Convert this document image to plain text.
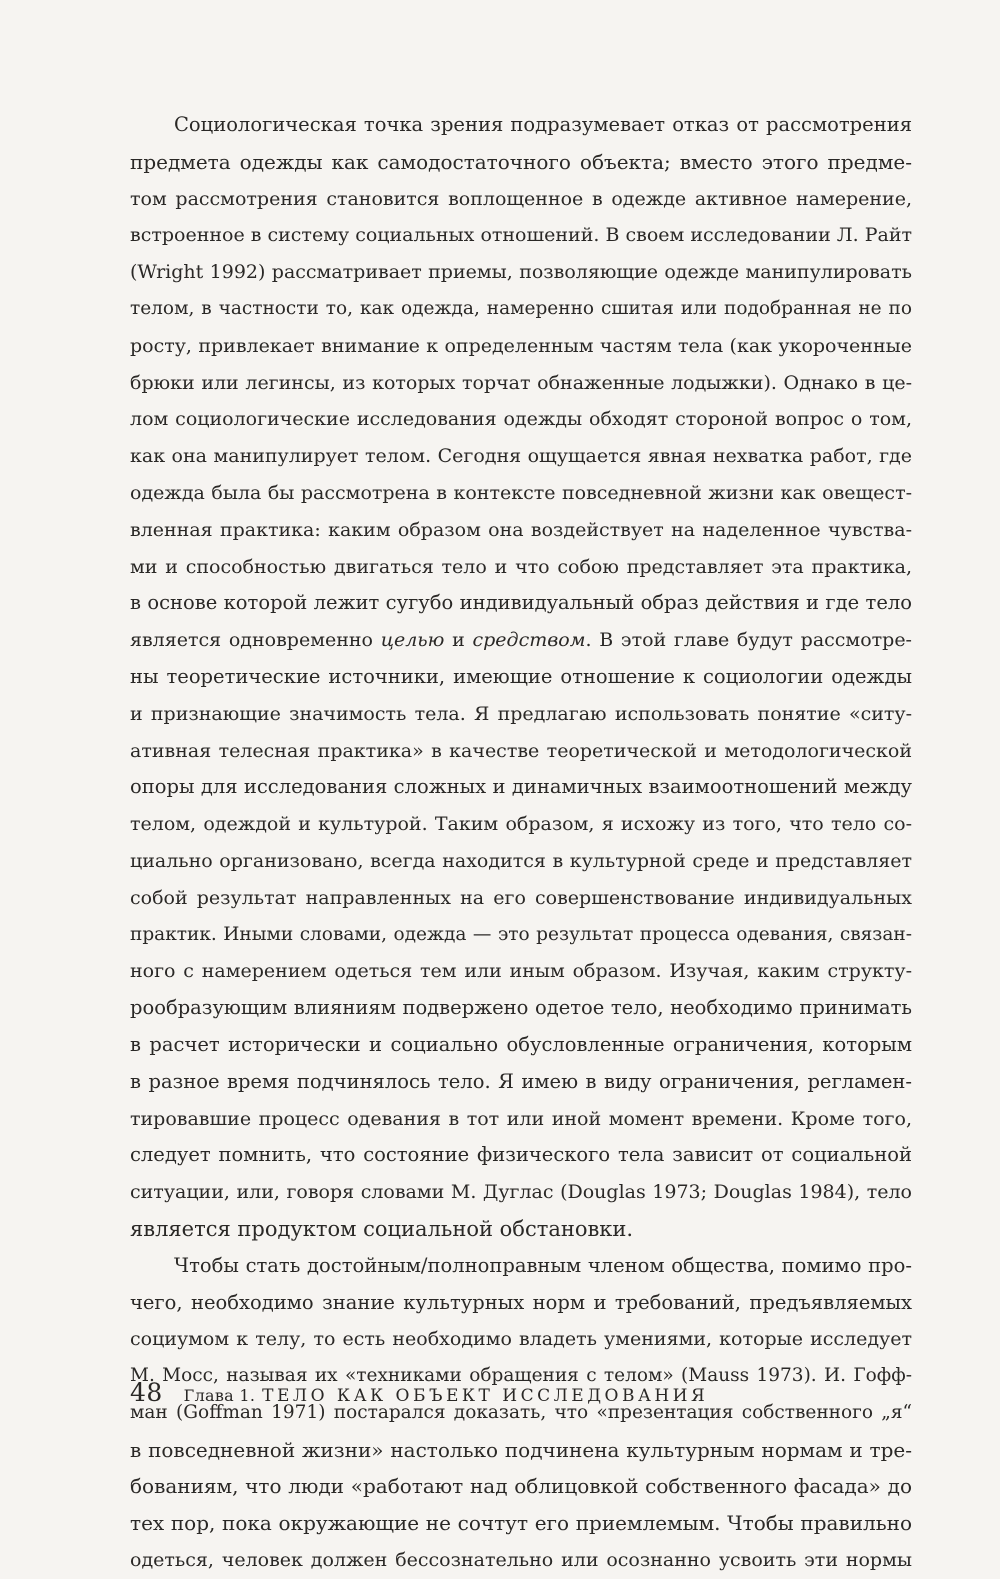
Социологическая точка зрения подразумевает отказ от рассмотрения
предмета одежды как самодостаточного объекта; вместо этого предме-
том рассмотрения становится воплощенное в одежде активное намерение,
встроенное в систему социальных отношений. В своем исследовании Л. Райт
(Wright 1992) рассматривает приемы, позволяющие одежде манипулировать
телом, в частности то, как одежда, намеренно сшитая или подобранная не по
росту, привлекает внимание к определенным частям тела (как укороченные
брюки или легинсы, из которых торчат обнаженные лодыжки). Однако в це-
лом социологические исследования одежды обходят стороной вопрос о том,
как она манипулирует телом. Сегодня ощущается явная нехватка работ, где
одежда была бы рассмотрена в контексте повседневной жизни как овещест-
вленная практика: каким образом она воздействует на наделенное чувства-
ми и способностью двигаться тело и что собою представляет эта практика,
в основе которой лежит сугубо индивидуальный образ действия и где тело
является одновременно целью и средством. В этой главе будут рассмотре-
ны теоретические источники, имеющие отношение к социологии одежды
и признающие значимость тела. Я предлагаю использовать понятие «ситу-
ативная телесная практика» в качестве теоретической и методологической
опоры для исследования сложных и динамичных взаимоотношений между
телом, одеждой и культурой. Таким образом, я исхожу из того, что тело со-
циально организовано, всегда находится в культурной среде и представляет
собой результат направленных на его совершенствование индивидуальных
практик. Иными словами, одежда — это результат процесса одевания, связан-
ного с намерением одеться тем или иным образом. Изучая, каким структу-
рообразующим влияниям подвержено одетое тело, необходимо принимать
в расчет исторически и социально обусловленные ограничения, которым
в разное время подчинялось тело. Я имею в виду ограничения, регламен-
тировавшие процесс одевания в тот или иной момент времени. Кроме того,
следует помнить, что состояние физического тела зависит от социальной
ситуации, или, говоря словами М. Дуглас (Douglas 1973; Douglas 1984), тело
является продуктом социальной обстановки.
Чтобы стать достойным/полноправным членом общества, помимо про-
чего, необходимо знание культурных норм и требований, предъявляемых
социумом к телу, то есть необходимо владеть умениями, которые исследует
М. Мосс, называя их «техниками обращения с телом» (Mauss 1973). И. Гофф-
ман (Goffman 1971) постарался доказать, что «презентация собственного „я“
в повседневной жизни» настолько подчинена культурным нормам и тре-
бованиям, что люди «работают над облицовкой собственного фасада» до
тех пор, пока окружающие не сочтут его приемлемым. Чтобы правильно
одеться, человек должен бессознательно или осознанно усвоить эти нормы
48 Глава 1. ТЕЛО КАК ОБЪЕКТ ИССЛЕДОВАНИЯ
